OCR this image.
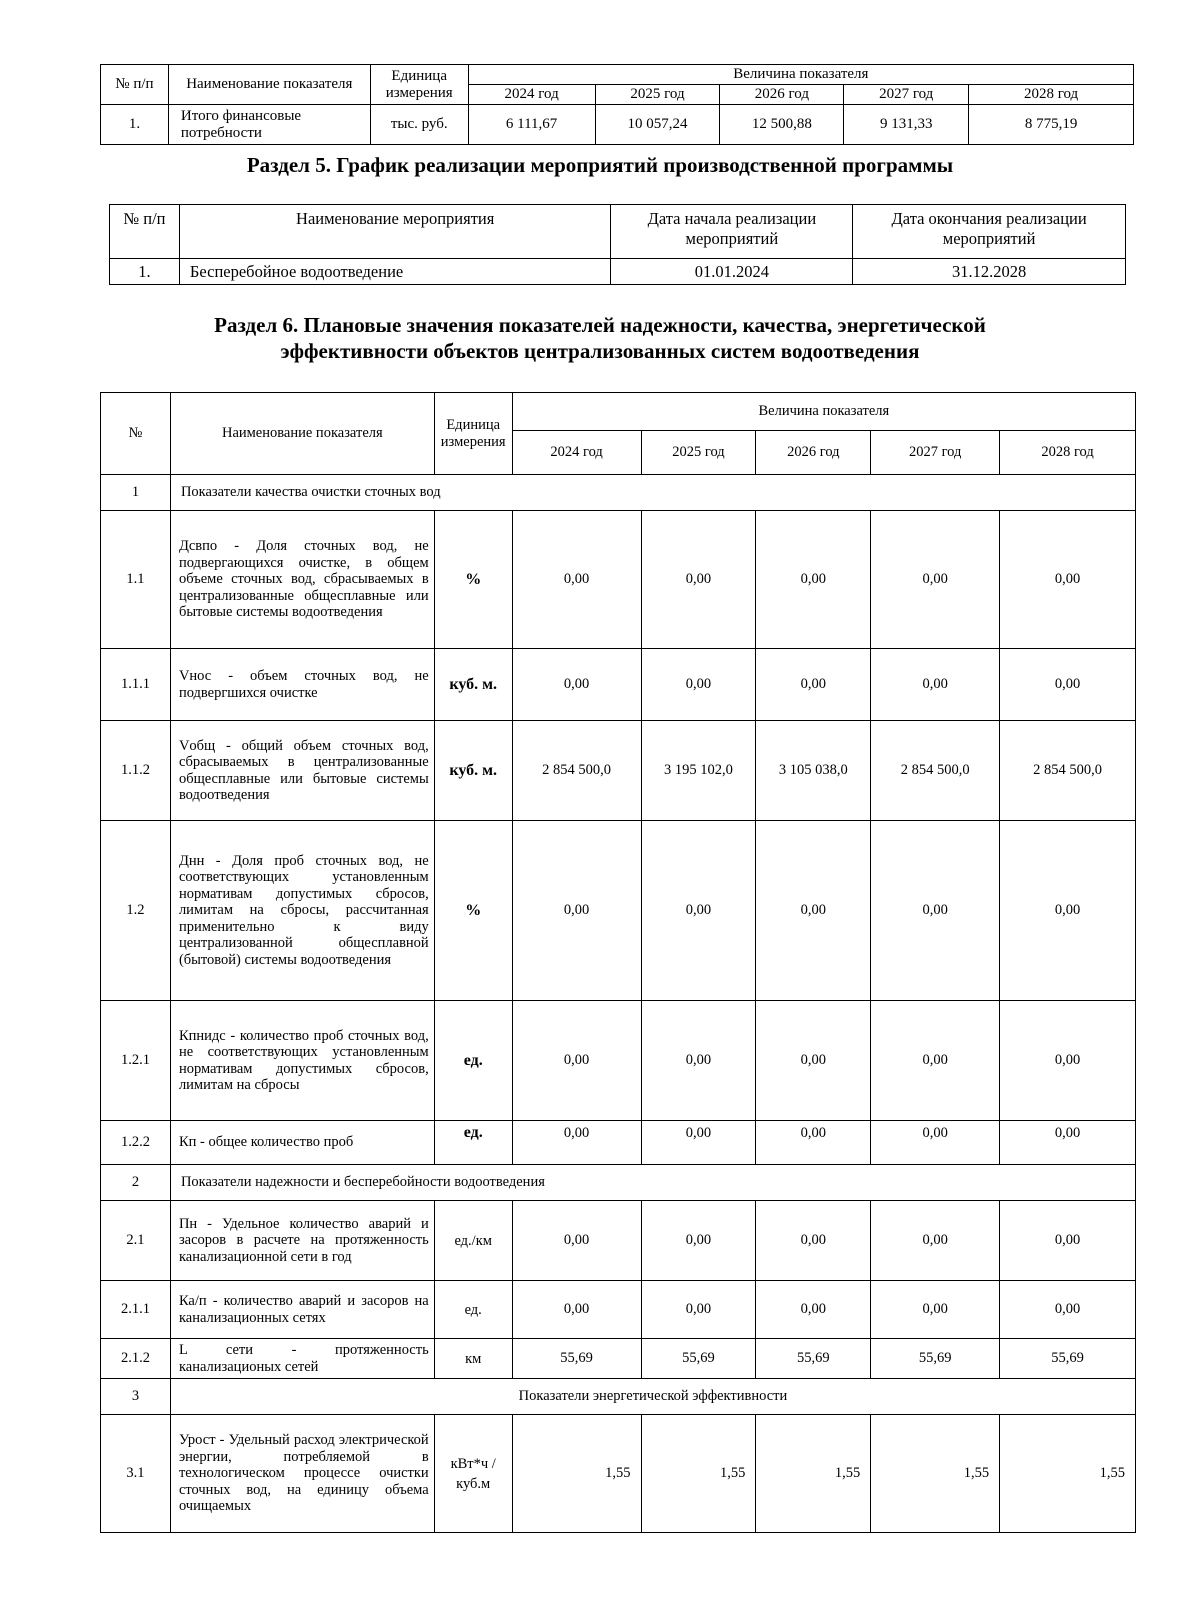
№ п/п	Наименование показателя	Единица измерения	Величина показателя				
			2024 год	2025 год	2026 год	2027 год	2028 год
1.	Итого финансовые потребности	тыс. руб.	6 111,67	10 057,24	12 500,88	9 131,33	8 775,19
Раздел 5. График реализации мероприятий производственной программы
№ п/п	Наименование мероприятия	Дата начала реализации мероприятий	Дата окончания реализации мероприятий
1.	Бесперебойное водоотведение	01.01.2024	31.12.2028
Раздел 6. Плановые значения показателей надежности, качества, энергетической
эффективности объектов централизованных систем водоотведения
№	Наименование показателя	Единица измерения	Величина показателя				
			2024 год	2025 год	2026 год	2027 год	2028 год
1	Показатели качества очистки сточных вод						
1.1	Дсвпо - Доля сточных вод, не подвергающихся очистке, в общем объеме сточных вод, сбрасываемых в централизованные общесплавные или бытовые системы водоотведения	%	0,00	0,00	0,00	0,00	0,00
1.1.1	Vнос - объем сточных вод, не подвергшихся очистке	куб. м.	0,00	0,00	0,00	0,00	0,00
1.1.2	Vобщ - общий объем сточных вод, сбрасываемых в централизованные общесплавные или бытовые системы водоотведения	куб. м.	2 854 500,0	3 195 102,0	3 105 038,0	2 854 500,0	2 854 500,0
1.2	Днн - Доля проб сточных вод, не соответствующих установленным нормативам допустимых сбросов, лимитам на сбросы, рассчитанная применительно к виду централизованной общесплавной (бытовой) системы водоотведения	%	0,00	0,00	0,00	0,00	0,00
1.2.1	Кпнидс - количество проб сточных вод, не соответствующих установленным нормативам допустимых сбросов, лимитам на сбросы	ед.	0,00	0,00	0,00	0,00	0,00
1.2.2	Кп - общее количество проб	ед.	0,00	0,00	0,00	0,00	0,00
2	Показатели надежности и бесперебойности водоотведения						
2.1	Пн - Удельное количество аварий и засоров в расчете на протяженность канализационной сети в год	ед./км	0,00	0,00	0,00	0,00	0,00
2.1.1	Ка/п - количество аварий и засоров на канализационных сетях	ед.	0,00	0,00	0,00	0,00	0,00
2.1.2	L сети - протяженность канализационых сетей	км	55,69	55,69	55,69	55,69	55,69
3	Показатели энергетической эффективности						
3.1	Урост - Удельный расход электрической энергии, потребляемой в технологическом процессе очистки сточных вод, на единицу объема очищаемых	кВт*ч / куб.м	1,55	1,55	1,55	1,55	1,55
